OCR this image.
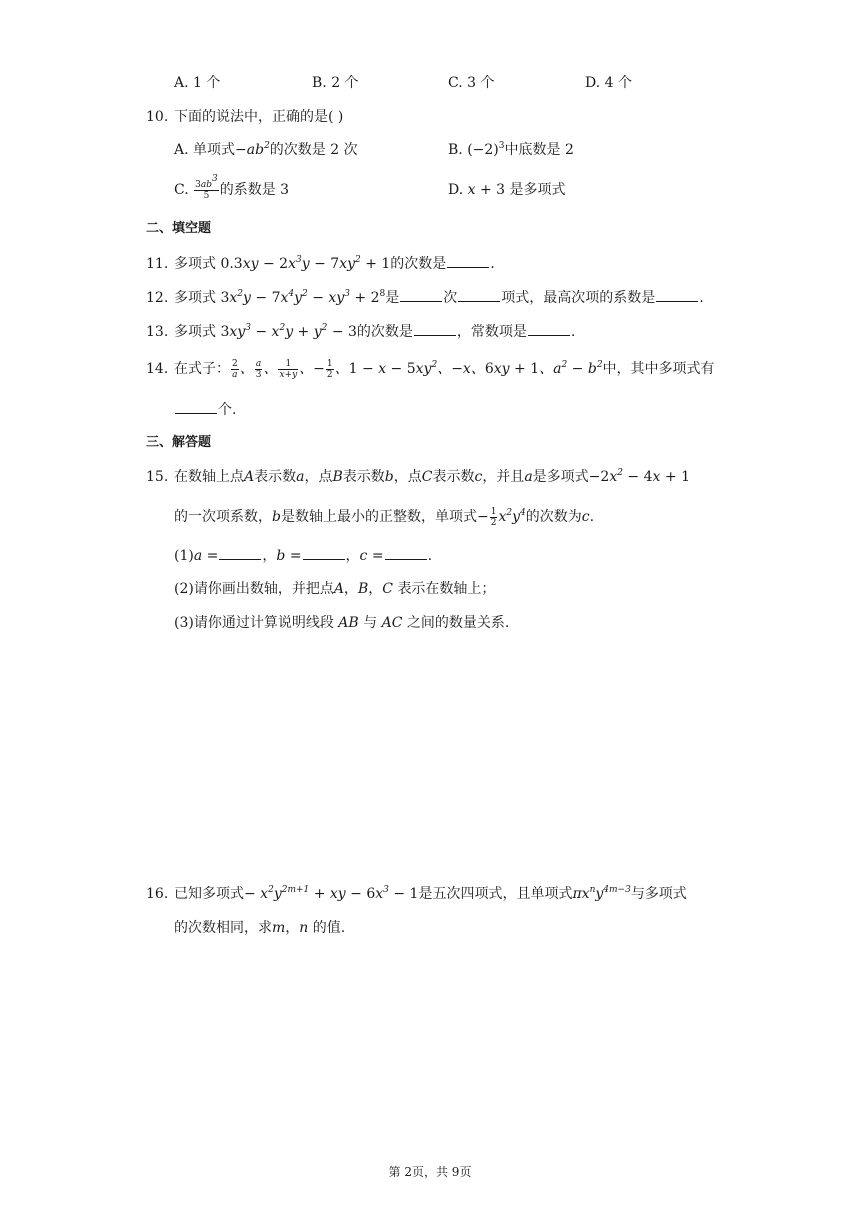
A. 1 个	B. 2 个	C. 3 个	D. 4 个
10. 下面的说法中，正确的是( )
A. 单项式$-ab^2$的次数是 2 次	B. $(-2)^3$中底数是 2
C. $\frac{3ab^3}{5}$ 的系数是 3	D. x + 3 是多项式
二、填空题
11. 多项式 $0.3xy - 2x^3y - 7xy^2 + 1$的次数是	.
12. 多项式 $3x^2y - 7x^4y^2 - xy^3 + 2^8$是	次	项式，最高次项的系数是	.
13. 多项式 $3xy^3 - x^2y + y^2 - 3$的次数是	，常数项是	.
14. 在式子： $\frac{2}{a}$ 、 $\frac{a}{3}$ 、 $\frac{1}{x+y}$ 、− $\frac{1}{2}$ 、$1 - x - 5xy^2$、−x、6xy + 1、$a^2 - b^2$中，其中多项式有
个.
三、解答题
15. 在数轴上点A表示数a，点B表示数b，点C表示数c，并且a是多项式$-2x^2 - 4x + 1$
的一次项系数，b是数轴上最小的正整数，单项式− $\frac{1}{2} x^2y^4$的次数为c.
(1)a =	，b =	，c =	.
(2)请你画出数轴，并把点A，B，C 表示在数轴上；
(3)请你通过计算说明线段 AB 与 AC 之间的数量关系.
16. 已知多项式− $x^2y^{2m+1}$ + xy − $6x^3 - 1$是五次四项式，且单项式$\pi x^ny^{4m-3}$与多项式
的次数相同，求m，n 的值.
第 2页，共 9页
